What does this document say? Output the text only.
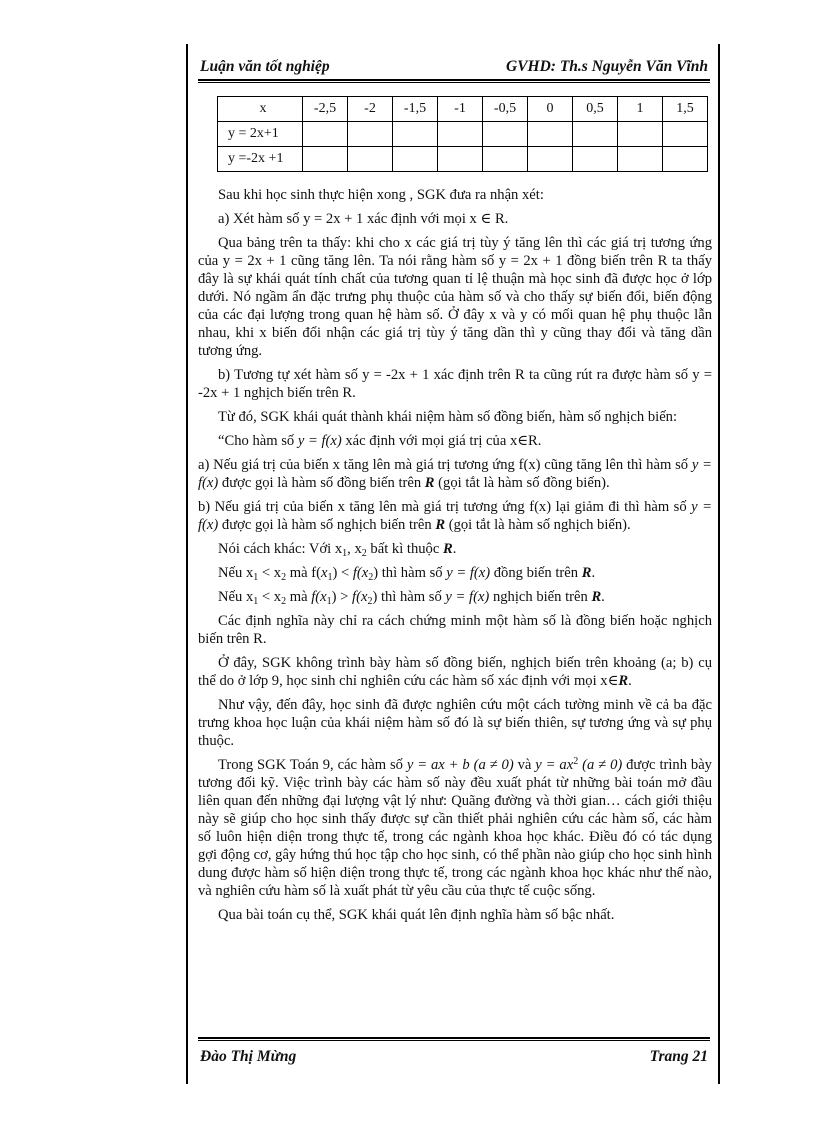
Luận văn tốt nghiệp	GVHD: Th.s Nguyễn Văn Vĩnh
x	-2,5	-2	-1,5	-1	-0,5	0	0,5	1	1,5
y = 2x+1									
y =-2x +1									

Sau khi học sinh thực hiện xong , SGK đưa ra nhận xét:

a) Xét hàm số y = 2x + 1 xác định với mọi x ∈ R.

Qua bảng trên ta thấy: khi cho x các giá trị tùy ý tăng lên thì các giá trị tương ứng của y = 2x + 1 cũng tăng lên. Ta nói rằng hàm số y = 2x + 1 đồng biến trên R ta thấy đây là sự khái quát tính chất của tương quan tỉ lệ thuận mà học sinh đã được học ở lớp dưới. Nó ngầm ẩn đặc trưng phụ thuộc của hàm số và cho thấy sự biến đổi, biến động của các đại lượng trong quan hệ hàm số. Ở đây x và y có mối quan hệ phụ thuộc lẫn nhau, khi x biến đổi nhận các giá trị tùy ý tăng dần thì y cũng thay đổi và tăng dần tương ứng.

b) Tương tự xét hàm số y = -2x + 1 xác định trên R ta cũng rút ra được hàm số y = -2x + 1 nghịch biến trên R.

Từ đó, SGK khái quát thành khái niệm hàm số đồng biến, hàm số nghịch biến:

“Cho hàm số y = f(x) xác định với mọi giá trị của x∈R.

a) Nếu giá trị của biến x tăng lên mà giá trị tương ứng f(x) cũng tăng lên thì hàm số y = f(x) được gọi là hàm số đồng biến trên R (gọi tắt là hàm số đồng biến).

b) Nếu giá trị của biến x tăng lên mà giá trị tương ứng f(x) lại giảm đi thì hàm số y = f(x) được gọi là hàm số nghịch biến trên R (gọi tắt là hàm số nghịch biến).

Nói cách khác: Với $x_1$, $x_2$ bất kì thuộc R.

Nếu $x_1 < x_2$ mà $f(x_1) < f(x_2)$ thì hàm số y = f(x) đồng biến trên R.

Nếu $x_1 < x_2$ mà $f(x_1) > f(x_2)$ thì hàm số y = f(x) nghịch biến trên R.

Các định nghĩa này chỉ ra cách chứng minh một hàm số là đồng biến hoặc nghịch biến trên R.

Ở đây, SGK không trình bày hàm số đồng biến, nghịch biến trên khoảng (a; b) cụ thể do ở lớp 9, học sinh chỉ nghiên cứu các hàm số xác định với mọi x∈R.

Như vậy, đến đây, học sinh đã được nghiên cứu một cách tường minh về cả ba đặc trưng khoa học luận của khái niệm hàm số đó là sự biến thiên, sự tương ứng và sự phụ thuộc.

Trong SGK Toán 9, các hàm số y = ax + b (a ≠ 0) và $y = ax^2$ (a ≠ 0) được trình bày tương đối kỹ. Việc trình bày các hàm số này đều xuất phát từ những bài toán mở đầu liên quan đến những đại lượng vật lý như: Quãng đường và thời gian… cách giới thiệu này sẽ giúp cho học sinh thấy được sự cần thiết phải nghiên cứu các hàm số, các hàm số luôn hiện diện trong thực tế, trong các ngành khoa học khác. Điều đó có tác dụng gợi động cơ, gây hứng thú học tập cho học sinh, có thể phần nào giúp cho học sinh hình dung được hàm số hiện diện trong thực tế, trong các ngành khoa học khác như thế nào, và nghiên cứu hàm số là xuất phát từ yêu cầu của thực tế cuộc sống.

Qua bài toán cụ thể, SGK khái quát lên định nghĩa hàm số bậc nhất.

Đào Thị Mừng	Trang 21
